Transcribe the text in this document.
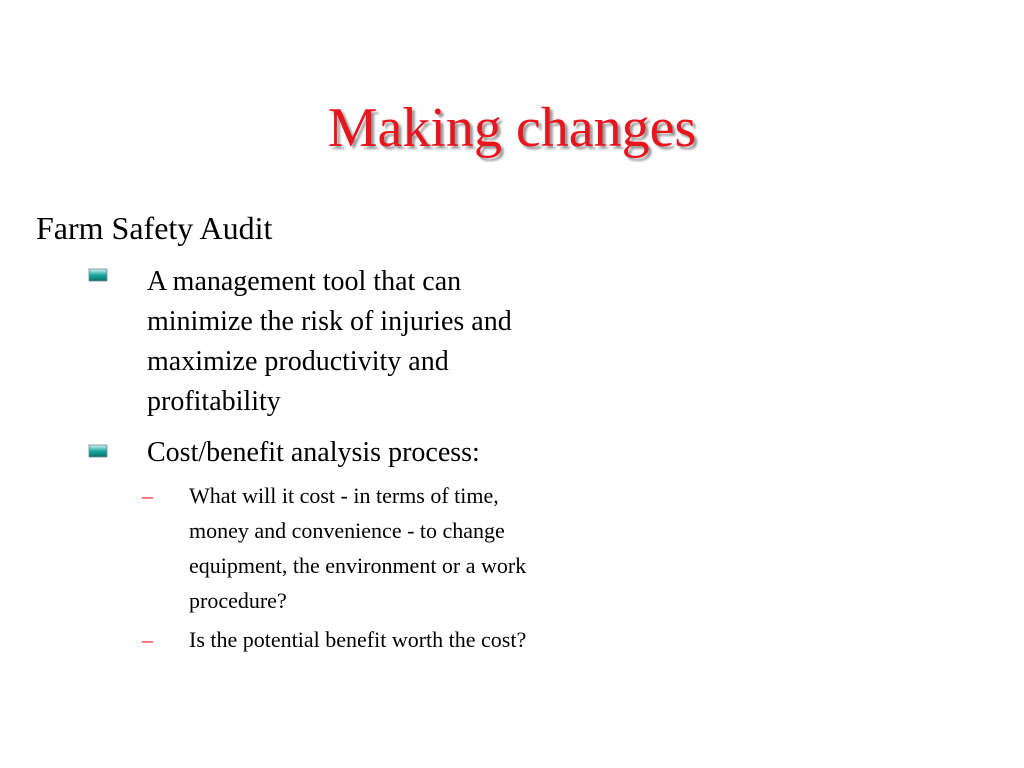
Making changes
Farm Safety Audit
A management tool that can
minimize the risk of injuries and
maximize productivity and
profitability
Cost/benefit analysis process:
– What will it cost - in terms of time,
money and convenience - to change
equipment, the environment or a work
procedure?
– Is the potential benefit worth the cost?
